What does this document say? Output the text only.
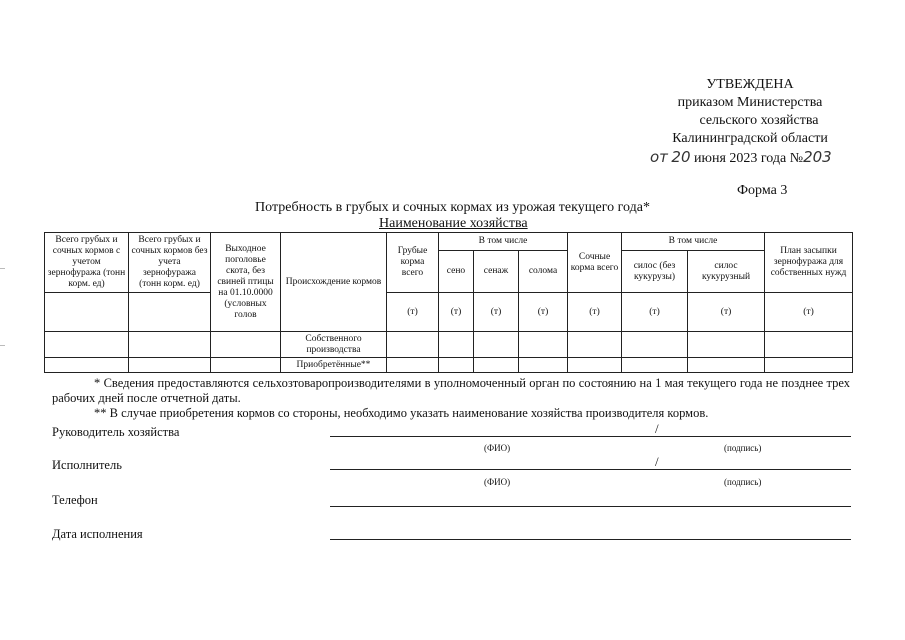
УТВЕЖДЕНА
приказом Министерства
сельского хозяйства
Калининградской области
от 20 июня 2023 года №203
Форма 3
Потребность в грубых и сочных кормах из урожая текущего года*
Наименование хозяйства
Всего грубых и сочных кормов с учетом зернофуража (тонн корм. ед)	Всего грубых и сочных кормов без учета зернофуража (тонн корм. ед)	Выходное поголовье скота, без свиней птицы на 01.10.0000 (условных голов	Происхождение кормов	Грубые корма всего	В том числе			Сочные корма всего	В том числе		План засыпки зернофуража для собственных нужд
					сено	сенаж	солома		силос (без кукурузы)	силос кукурузный	
				(т)	(т)	(т)	(т)	(т)	(т)	(т)	(т)
			Собственного производства								
			Приобретённые**								
* Сведения предоставляются сельхозтоваропроизводителями в уполномоченный орган по состоянию на 1 мая текущего года не позднее трех рабочих дней после отчетной даты.
** В случае приобретения кормов со стороны, необходимо указать наименование хозяйства производителя кормов.
Руководитель хозяйства	/
(ФИО)	(подпись)
Исполнитель	/
(ФИО)	(подпись)
Телефон
Дата исполнения
